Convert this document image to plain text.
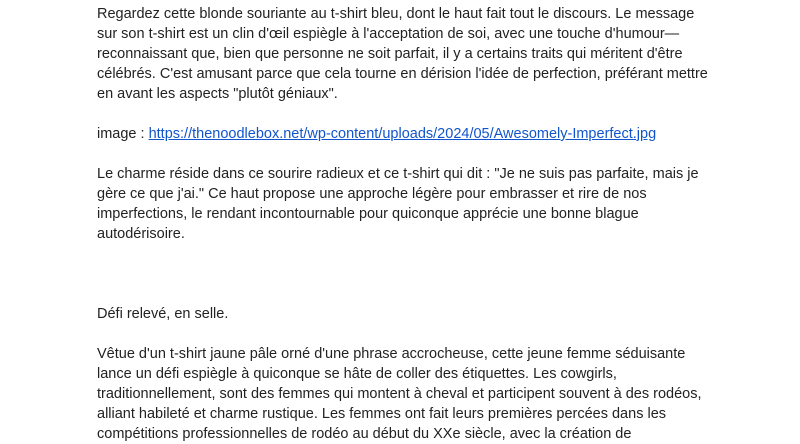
Regardez cette blonde souriante au t-shirt bleu, dont le haut fait tout le discours. Le message sur son t-shirt est un clin d'œil espiègle à l'acceptation de soi, avec une touche d'humour—reconnaissant que, bien que personne ne soit parfait, il y a certains traits qui méritent d'être célébrés. C'est amusant parce que cela tourne en dérision l'idée de perfection, préférant mettre en avant les aspects "plutôt géniaux".

image : https://thenoodlebox.net/wp-content/uploads/2024/05/Awesomely-Imperfect.jpg

Le charme réside dans ce sourire radieux et ce t-shirt qui dit : "Je ne suis pas parfaite, mais je gère ce que j'ai." Ce haut propose une approche légère pour embrasser et rire de nos imperfections, le rendant incontournable pour quiconque apprécie une bonne blague autodérisoire.

Défi relevé, en selle.

Vêtue d'un t-shirt jaune pâle orné d'une phrase accrocheuse, cette jeune femme séduisante lance un défi espiègle à quiconque se hâte de coller des étiquettes. Les cowgirls, traditionnellement, sont des femmes qui montent à cheval et participent souvent à des rodéos, alliant habileté et charme rustique. Les femmes ont fait leurs premières percées dans les compétitions professionnelles de rodéo au début du XXe siècle, avec la création de
